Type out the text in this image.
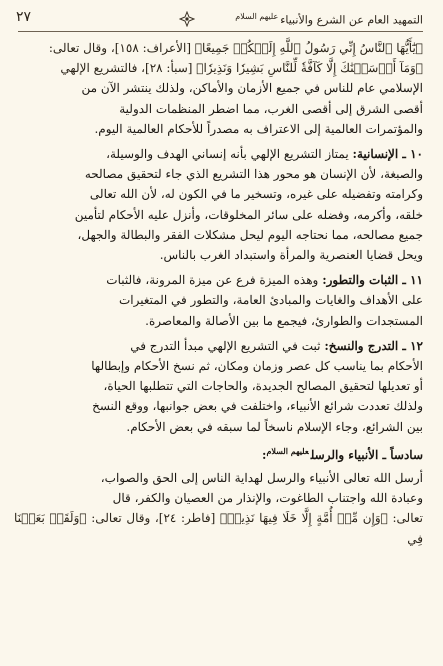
التمهيد العام عن الشرع والأنبياء$^{عليهم السلام}$
٢٧
﴿يَٰٓأَيُّهَا ٱلنَّاسُ إِنِّي رَسُولُ ٱللَّهِ إِلَيۡكُمۡ جَمِيعًا﴾ [الأعراف: ١٥٨]، وقال تعالى:
﴿وَمَآ أَرۡسَلۡنَٰكَ إِلَّا كَآفَّةٗ لِّلنَّاسِ بَشِيرٗا وَنَذِيرٗا﴾ [سبأ: ٢٨]، فالتشريع الإلهي
الإسلامي عام للناس في جميع الأزمان والأماكن، ولذلك ينتشر الآن من
أقصى الشرق إلى أقصى الغرب، مما اضطر المنظمات الدولية
والمؤتمرات العالمية إلى الاعتراف به مصدراً للأحكام العالمية اليوم.
١٠ ـ الإنسانية: يمتاز التشريع الإلهي بأنه إنساني الهدف والوسيلة،
والصبغة، لأن الإنسان هو محور هذا التشريع الذي جاء لتحقيق مصالحه
وكرامته وتفضيله على غيره، وتسخير ما في الكون له، لأن الله تعالى
خلقه، وأكرمه، وفضله على سائر المخلوقات، وأنزل عليه الأحكام لتأمين
جميع مصالحه، مما نحتاجه اليوم ليحل مشكلات الفقر والبطالة والجهل،
ويحل قضايا العنصرية والمرأة واستبداد الغرب بالناس.
١١ ـ الثبات والتطور: وهذه الميزة فرع عن ميزة المرونة، فالثبات
على الأهداف والغايات والمبادئ العامة، والتطور في المتغيرات
المستجدات والطوارئ، فيجمع ما بين الأصالة والمعاصرة.
١٢ ـ التدرج والنسخ: ثبت في التشريع الإلهي مبدأ التدرج في
الأحكام بما يناسب كل عصر وزمان ومكان، ثم نسخ الأحكام وإبطالها
أو تعديلها لتحقيق المصالح الجديدة، والحاجات التي تتطلبها الحياة،
ولذلك تعددت شرائع الأنبياء، واختلفت في بعض جوانبها، ووقع النسخ
بين الشرائع، وجاء الإسلام ناسخاً لما سبقه في بعض الأحكام.
سادساً ـ الأنبياء والرسل$^{عليهم السلام}$:
أرسل الله تعالى الأنبياء والرسل لهداية الناس إلى الحق والصواب،
وعبادة الله واجتناب الطاغوت، والإنذار من العصيان والكفر، قال
تعالى: ﴿وَإِن مِّنۡ أُمَّةٍ إِلَّا خَلَا فِيهَا نَذِيرٞ﴾ [فاطر: ٢٤]، وقال تعالى: ﴿وَلَقَدۡ بَعَثۡنَا فِي
